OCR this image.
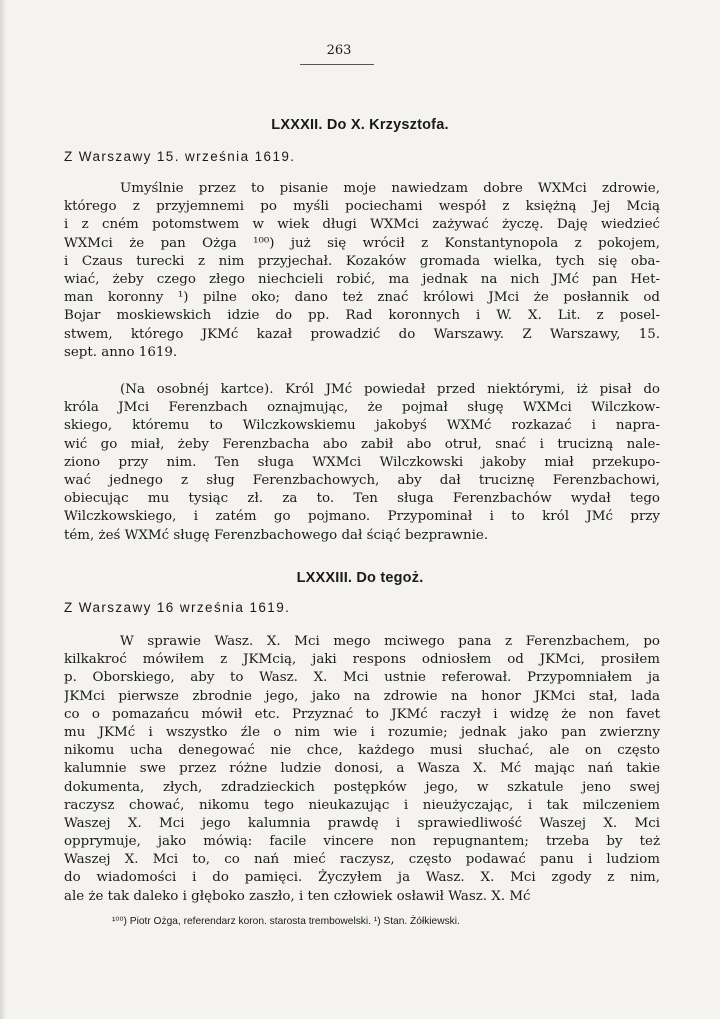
263
LXXXII. Do X. Krzysztofa.
Z Warszawy 15. września 1619.
Umyślnie przez to pisanie moje nawiedzam dobre WXMci zdrowie,
którego z przyjemnemi po myśli pociechami wespół z księżną Jej Mcią
i z cném potomstwem w wiek długi WXMci zażywać życzę. Daję wiedzieć
WXMci że pan Ożga ¹⁰⁰) już się wrócił z Konstantynopola z pokojem,
i Czaus turecki z nim przyjechał. Kozaków gromada wielka, tych się oba-
wiać, żeby czego złego niechcieli robić, ma jednak na nich JMć pan Het-
man koronny ¹) pilne oko; dano też znać królowi JMci że posłannik od
Bojar moskiewskich idzie do pp. Rad koronnych i W. X. Lit. z posel-
stwem, którego JKMć kazał prowadzić do Warszawy. Z Warszawy, 15.
sept. anno 1619.
(Na osobnéj kartce). Król JMć powiedał przed niektórymi, iż pisał do
króla JMci Ferenzbach oznajmując, że pojmał sługę WXMci Wilczkow-
skiego, któremu to Wilczkowskiemu jakobyś WXMć rozkazać i napra-
wić go miał, żeby Ferenzbacha abo zabił abo otruł, snać i trucizną nale-
ziono przy nim. Ten sługa WXMci Wilczkowski jakoby miał przekupo-
wać jednego z sług Ferenzbachowych, aby dał truciznę Ferenzbachowi,
obiecując mu tysiąc zł. za to. Ten sługa Ferenzbachów wydał tego
Wilczkowskiego, i zatém go pojmano. Przypominał i to król JMć przy
tém, żeś WXMć sługę Ferenzbachowego dał ściąć bezprawnie.
LXXXIII. Do tegoż.
Z Warszawy 16 września 1619.
W sprawie Wasz. X. Mci mego mciwego pana z Ferenzbachem, po
kilkakroć mówiłem z JKMcią, jaki respons odniosłem od JKMci, prosiłem
p. Oborskiego, aby to Wasz. X. Mci ustnie referował. Przypomniałem ja
JKMci pierwsze zbrodnie jego, jako na zdrowie na honor JKMci stał, lada
co o pomazańcu mówił etc. Przyznać to JKMć raczył i widzę że non favet
mu JKMć i wszystko źle o nim wie i rozumie; jednak jako pan zwierzny
nikomu ucha denegować nie chce, każdego musi słuchać, ale on często
kalumnie swe przez różne ludzie donosi, a Wasza X. Mć mając nań takie
dokumenta, złych, zdradzieckich postępków jego, w szkatule jeno swej
raczysz chować, nikomu tego nieukazując i nieużyczając, i tak milczeniem
Waszej X. Mci jego kalumnia prawdę i sprawiedliwość Waszej X. Mci
opprymuje, jako mówią: facile vincere non repugnantem; trzeba by też
Waszej X. Mci to, co nań mieć raczysz, często podawać panu i ludziom
do wiadomości i do pamięci. Życzyłem ja Wasz. X. Mci zgody z nim,
ale że tak daleko i głęboko zaszło, i ten człowiek osławił Wasz. X. Mć
¹⁰⁰) Piotr Ożga, referendarz koron. starosta trembowelski. ¹) Stan. Żółkiewski.
